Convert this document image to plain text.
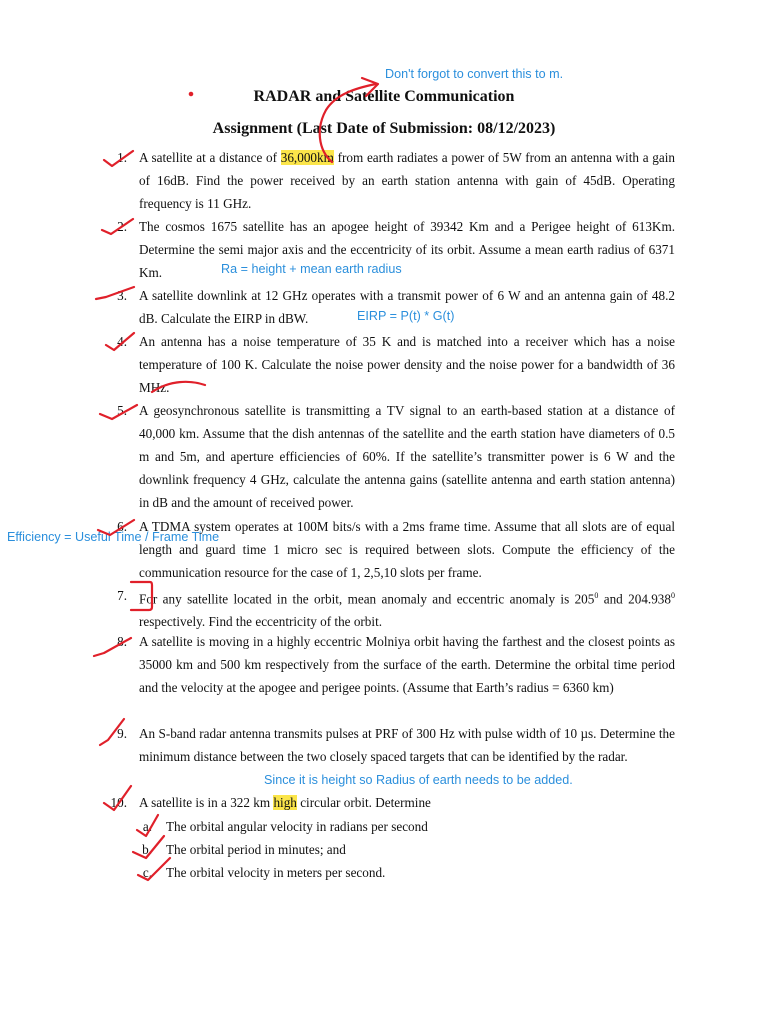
RADAR and Satellite Communication
Assignment (Last Date of Submission: 08/12/2023)
1. A satellite at a distance of 36,000km from earth radiates a power of 5W from an antenna with a gain of 16dB. Find the power received by an earth station antenna with gain of 45dB. Operating frequency is 11 GHz.
2. The cosmos 1675 satellite has an apogee height of 39342 Km and a Perigee height of 613Km. Determine the semi major axis and the eccentricity of its orbit. Assume a mean earth radius of 6371 Km.
3. A satellite downlink at 12 GHz operates with a transmit power of 6 W and an antenna gain of 48.2 dB. Calculate the EIRP in dBW.
4. An antenna has a noise temperature of 35 K and is matched into a receiver which has a noise temperature of 100 K. Calculate the noise power density and the noise power for a bandwidth of 36 MHz.
5. A geosynchronous satellite is transmitting a TV signal to an earth-based station at a distance of 40,000 km. Assume that the dish antennas of the satellite and the earth station have diameters of 0.5 m and 5m, and aperture efficiencies of 60%. If the satellite’s transmitter power is 6 W and the downlink frequency 4 GHz, calculate the antenna gains (satellite antenna and earth station antenna) in dB and the amount of received power.
6. A TDMA system operates at 100M bits/s with a 2ms frame time. Assume that all slots are of equal length and guard time 1 micro sec is required between slots. Compute the efficiency of the communication resource for the case of 1, 2,5,10 slots per frame.
7. For any satellite located in the orbit, mean anomaly and eccentric anomaly is $205^0$ and 204.938$^0$ respectively. Find the eccentricity of the orbit.
8. A satellite is moving in a highly eccentric Molniya orbit having the farthest and the closest points as 35000 km and 500 km respectively from the surface of the earth. Determine the orbital time period and the velocity at the apogee and perigee points. (Assume that Earth’s radius = 6360 km)
9. An S-band radar antenna transmits pulses at PRF of 300 Hz with pulse width of 10 µs. Determine the minimum distance between the two closely spaced targets that can be identified by the radar.
10. A satellite is in a 322 km high circular orbit. Determine
a. The orbital angular velocity in radians per second
b. The orbital period in minutes; and
c. The orbital velocity in meters per second.
Don't forgot to convert this to m.
Ra = height + mean earth radius
EIRP = P(t) * G(t)
Efficiency = Useful Time / Frame Time
Since it is height so Radius of earth needs to be added.
